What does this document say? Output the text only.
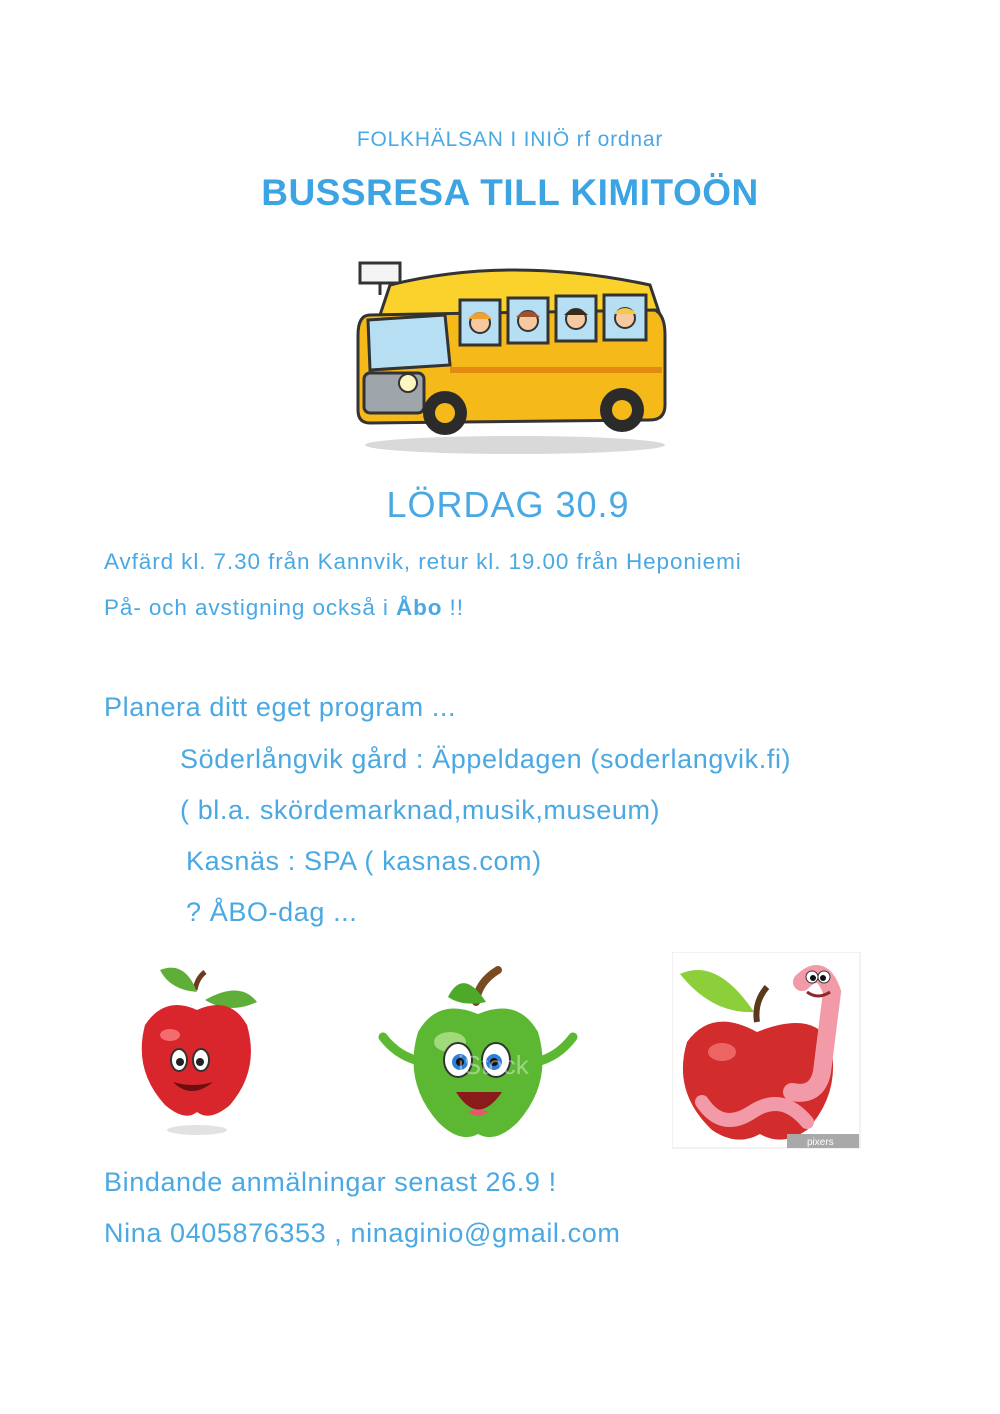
FOLKHÄLSAN I INIÖ rf ordnar
BUSSRESA TILL KIMITOÖN
LÖRDAG 30.9
Avfärd kl. 7.30 från Kannvik, retur kl. 19.00 från Heponiemi
På- och avstigning också i Åbo !!
Planera ditt eget program ...
Söderlångvik gård : Äppeldagen (soderlangvik.fi)
( bl.a. skördemarknad,musik,museum)
Kasnäs : SPA ( kasnas.com)
? ÅBO-dag ...
iStock
pixers
Bindande anmälningar senast 26.9 !
Nina 0405876353 , ninaginio@gmail.com
